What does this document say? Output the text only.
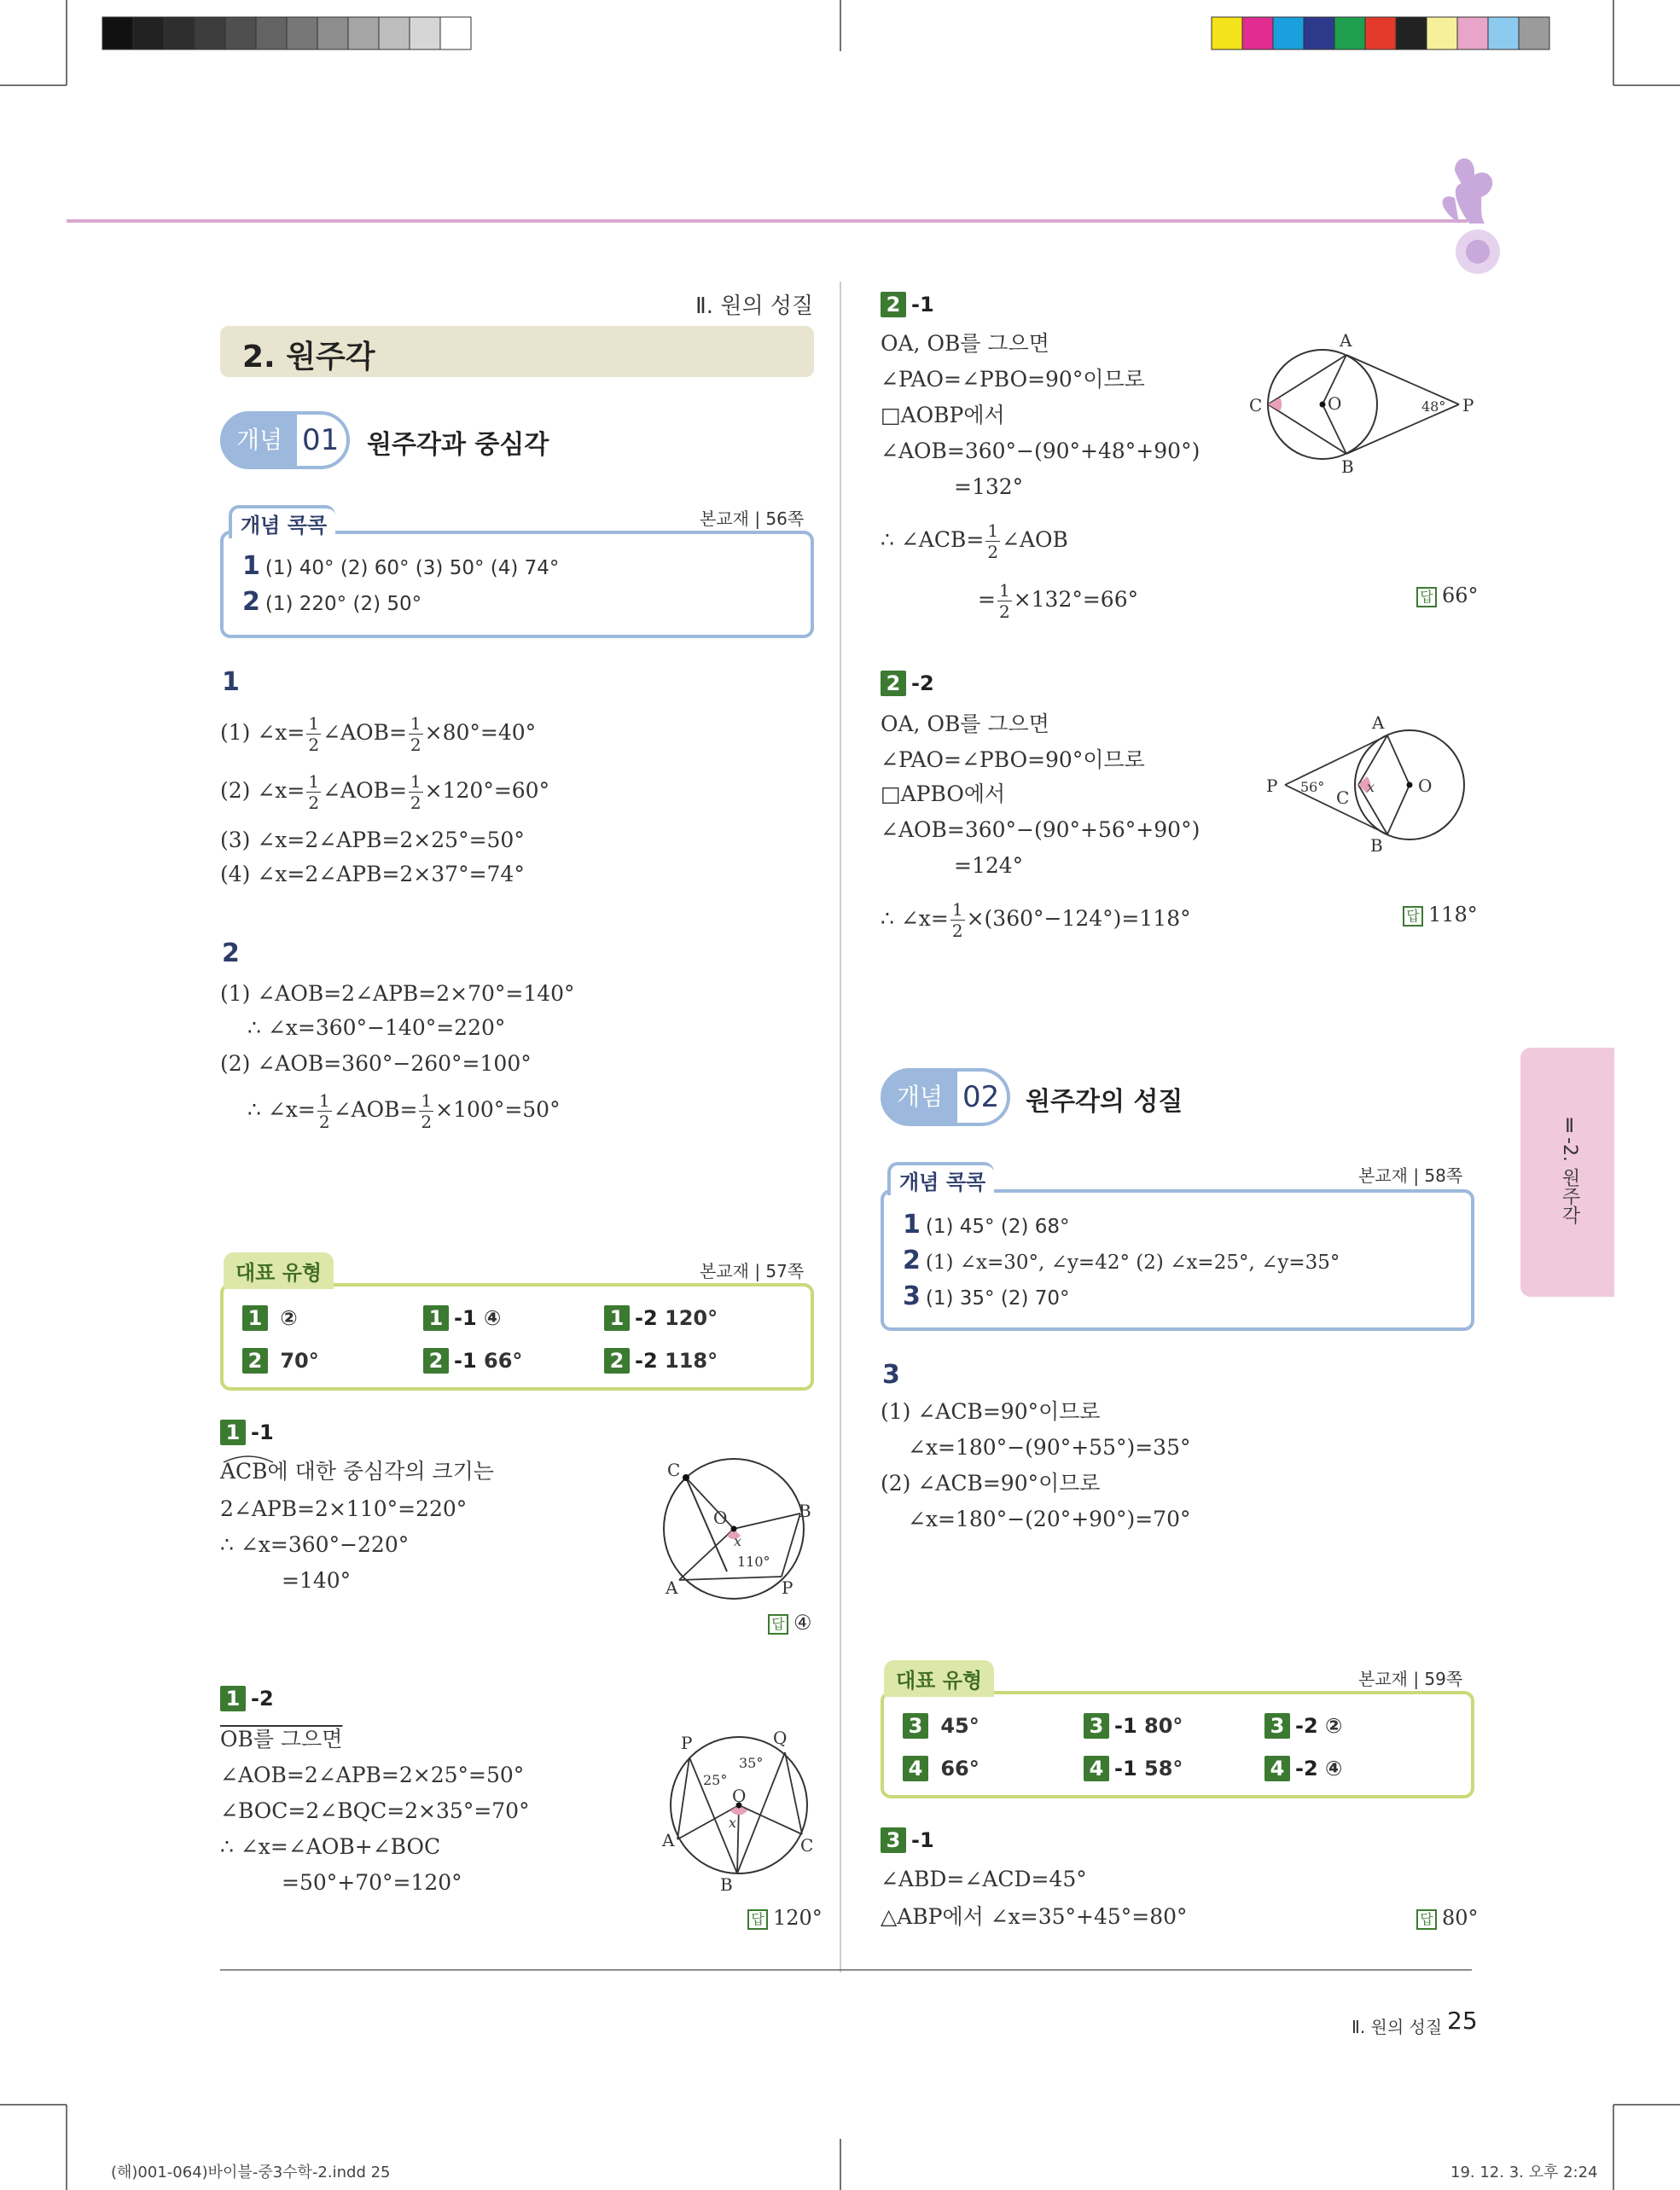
Ⅱ-2. 원주각
Ⅱ. 원의 성질
2. 원주각
개념 01 원주각과 중심각
1 (1) 40° (2) 60° (3) 50° (4) 74°
2 (1) 220° (2) 50°
개념 콕콕	본교재 | 56쪽
1
(1) ∠x= $\frac{1}{2}$ ∠AOB= $\frac{1}{2} \times 80^\circ=40^\circ$
(2) ∠x= $\frac{1}{2}$ ∠AOB= $\frac{1}{2} \times 120^\circ=60^\circ$
(3) ∠x=2∠APB=2×25°=50°
(4) ∠x=2∠APB=2×37°=74°
2
(1) ∠AOB=2∠APB=2×70°=140°
∴ ∠x=360°−140°=220°
(2) ∠AOB=360°−260°=100°
∴ ∠x= $\frac{1}{2}$ ∠AOB= $\frac{1}{2} \times 100^\circ=50^\circ$
1 ②	1 -1 ④	1 -2 120°
2 70°	2 -1 66°	2 -2 118°
대표 유형	본교재 | 57쪽
1 -1
ACB에 대한 중심각의 크기는
2∠APB=2×110°=220°
∴ ∠x=360°−220°
=140°
답 ④
C
O	B
A	P
x
110°
1 -2
OB를 그으면
∠AOB=2∠APB=2×25°=50°
∠BOC=2∠BQC=2×35°=70°
∴ ∠x=∠AOB+∠BOC
=50°+70°=120°
답 120°
P	Q
O
A
B
C
x
25°
35°
2 -1
OA, OB를 그으면
∠PAO=∠PBO=90°이므로
□AOBP에서
∠AOB=360°−(90°+48°+90°)
=132°
∴ ∠ACB= $\frac{1}{2}$ ∠AOB
= $\frac{1}{2} \times 132^\circ=66^\circ$	답 66°
A
B
C	O	P
48°
2 -2
OA, OB를 그으면
∠PAO=∠PBO=90°이므로
□APBO에서
∠AOB=360°−(90°+56°+90°)
=124°
∴ ∠x= $\frac{1}{2} \times(360^\circ-124^\circ)=118^\circ$	답 118°
A
B
C
O
P	x
56°
개념 02 원주각의 성질
1 (1) 45° (2) 68°
2 (1) ∠x=30°, ∠y=42° (2) ∠x=25°, ∠y=35°
3 (1) 35° (2) 70°
개념 콕콕	본교재 | 58쪽
3
(1) ∠ACB=90°이므로
∠x=180°−(90°+55°)=35°
(2) ∠ACB=90°이므로
∠x=180°−(20°+90°)=70°
3 45°	3 -1 80°	3 -2 ②
4 66°	4 -1 58°	4 -2 ④
대표 유형	본교재 | 59쪽
3 -1
∠ABD=∠ACD=45°
△ABP에서 ∠x=35°+45°=80°	답 80°
Ⅱ. 원의 성질 25
(해)001-064)바이블-중3수학-2.indd 25	19. 12. 3. 오후 2:24
